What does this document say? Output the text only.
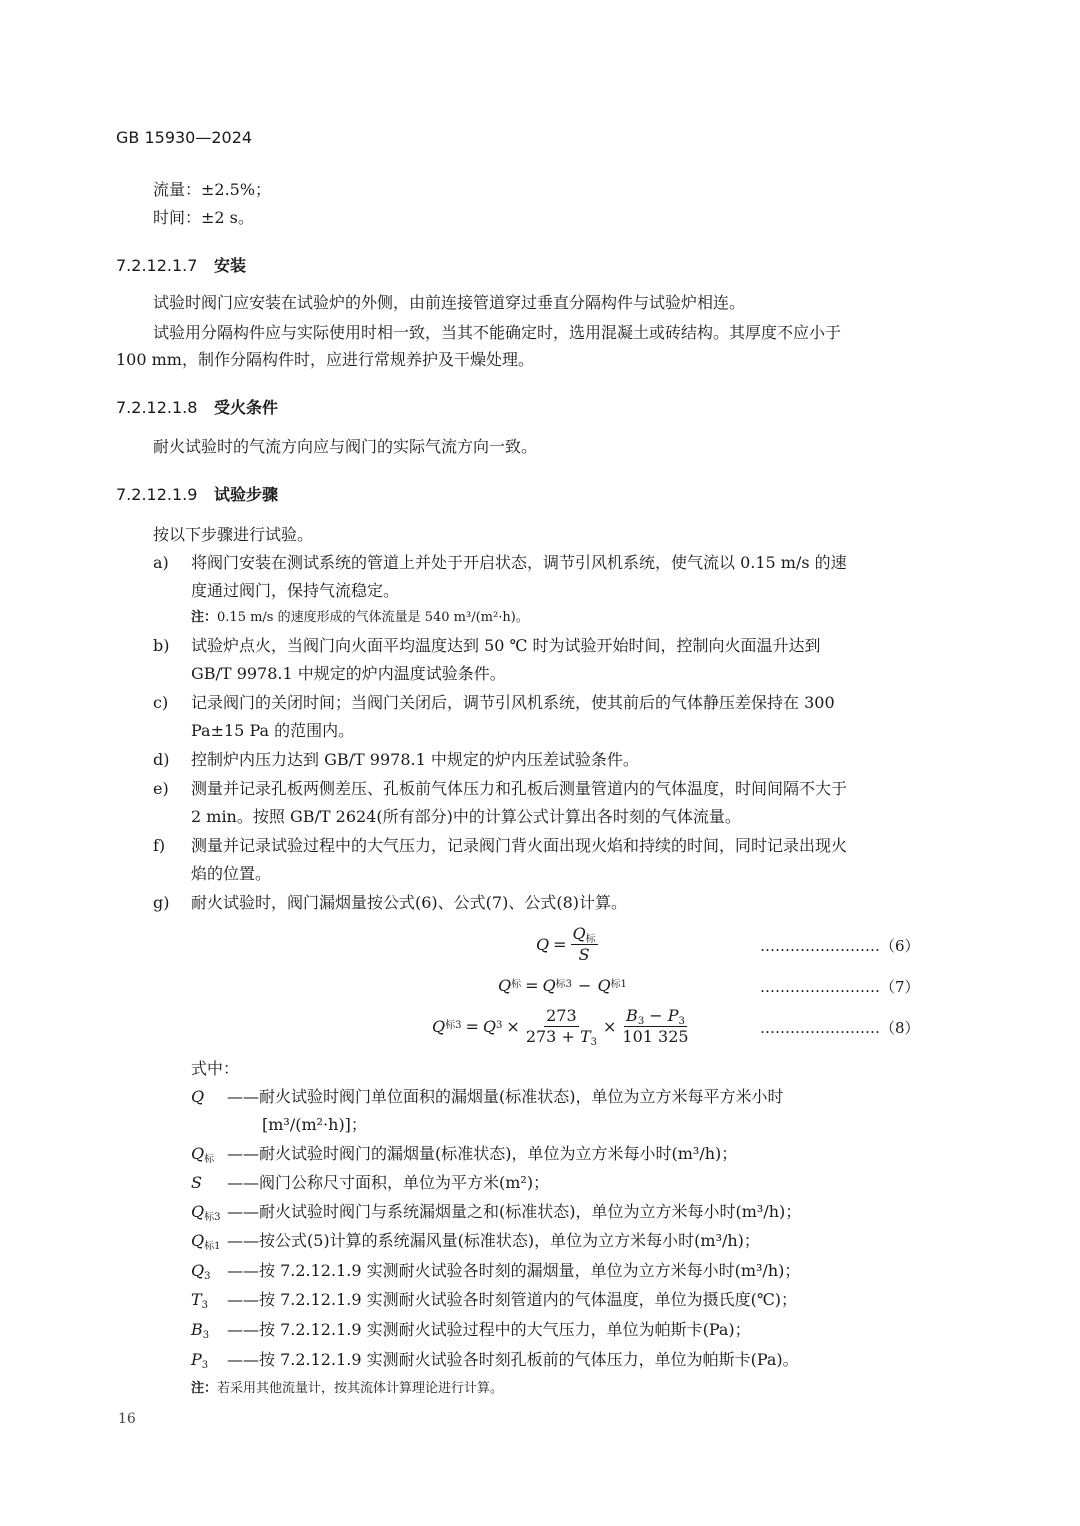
GB 15930—2024
流量：±2.5%；
时间：±2 s。
7.2.12.1.7 安装
试验时阀门应安装在试验炉的外侧，由前连接管道穿过垂直分隔构件与试验炉相连。
试验用分隔构件应与实际使用时相一致，当其不能确定时，选用混凝土或砖结构。其厚度不应小于
100 mm，制作分隔构件时，应进行常规养护及干燥处理。
7.2.12.1.8 受火条件
耐火试验时的气流方向应与阀门的实际气流方向一致。
7.2.12.1.9 试验步骤
按以下步骤进行试验。
a) 将阀门安装在测试系统的管道上并处于开启状态，调节引风机系统，使气流以 0.15 m/s 的速
度通过阀门，保持气流稳定。
注：0.15 m/s 的速度形成的气体流量是 540 m³/(m²·h)。
b) 试验炉点火，当阀门向火面平均温度达到 50 ℃ 时为试验开始时间，控制向火面温升达到
GB/T 9978.1 中规定的炉内温度试验条件。
c) 记录阀门的关闭时间；当阀门关闭后，调节引风机系统，使其前后的气体静压差保持在 300
Pa±15 Pa 的范围内。
d) 控制炉内压力达到 GB/T 9978.1 中规定的炉内压差试验条件。
e) 测量并记录孔板两侧差压、孔板前气体压力和孔板后测量管道内的气体温度，时间间隔不大于
2 min。按照 GB/T 2624(所有部分)中的计算公式计算出各时刻的气体流量。
f) 测量并记录试验过程中的大气压力，记录阀门背火面出现火焰和持续的时间，同时记录出现火
焰的位置。
g) 耐火试验时，阀门漏烟量按公式(6)、公式(7)、公式(8)计算。
$Q = \frac{Q_标}{S}$	……………………（6）
Q 标 = Q 标3 − Q 标1	……………………（7）
Q 标3 = Q $3 \times \frac{273}{273 + T_3} \times \frac{B_3 - P_3}{101 325}$	……………………（8）
式中：
Q ——耐火试验时阀门单位面积的漏烟量(标准状态)，单位为立方米每平方米小时
[m³/(m²·h)]；
$Q_标$ ——耐火试验时阀门的漏烟量(标准状态)，单位为立方米每小时(m³/h)；
S ——阀门公称尺寸面积，单位为平方米(m²)；
$Q_{标3}$ ——耐火试验时阀门与系统漏烟量之和(标准状态)，单位为立方米每小时(m³/h)；
$Q_{标1}$ ——按公式(5)计算的系统漏风量(标准状态)，单位为立方米每小时(m³/h)；
$Q_3$ ——按 7.2.12.1.9 实测耐火试验各时刻的漏烟量，单位为立方米每小时(m³/h)；
$T_3$ ——按 7.2.12.1.9 实测耐火试验各时刻管道内的气体温度，单位为摄氏度(℃)；
$B_3$ ——按 7.2.12.1.9 实测耐火试验过程中的大气压力，单位为帕斯卡(Pa)；
$P_3$ ——按 7.2.12.1.9 实测耐火试验各时刻孔板前的气体压力，单位为帕斯卡(Pa)。
注：若采用其他流量计，按其流体计算理论进行计算。
16
